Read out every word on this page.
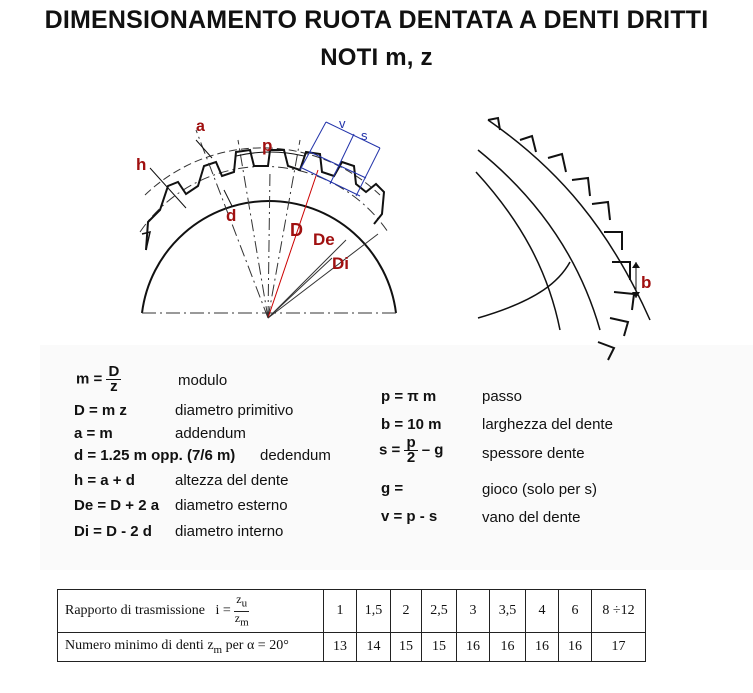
DIMENSIONAMENTO RUOTA DENTATA A DENTI DRITTI
NOTI m, z
a
p
h
d
D De
Di
v
s
b
$m = \frac{D}{z}$	modulo
D = m z	diametro primitivo
a = m	addendum
d = 1.25 m opp. (7/6 m) dedendum
h = a + d	altezza del dente
De = D + 2 a diametro esterno
Di = D - 2 d diametro interno
p = π m	passo
b = 10 m	larghezza del dente
$s = \frac{p}{2} - g$	spessore dente
g =	gioco (solo per s)
v = p - s	vano del dente
Rapporto di trasmissione $i = \frac{z_u}{z_m}$	1	1,5	2	2,5	3	3,5	4	6	8 ÷12
Numero minimo di denti $z_m$ per α = 20°	13	14	15	15	16	16	16	16	17
